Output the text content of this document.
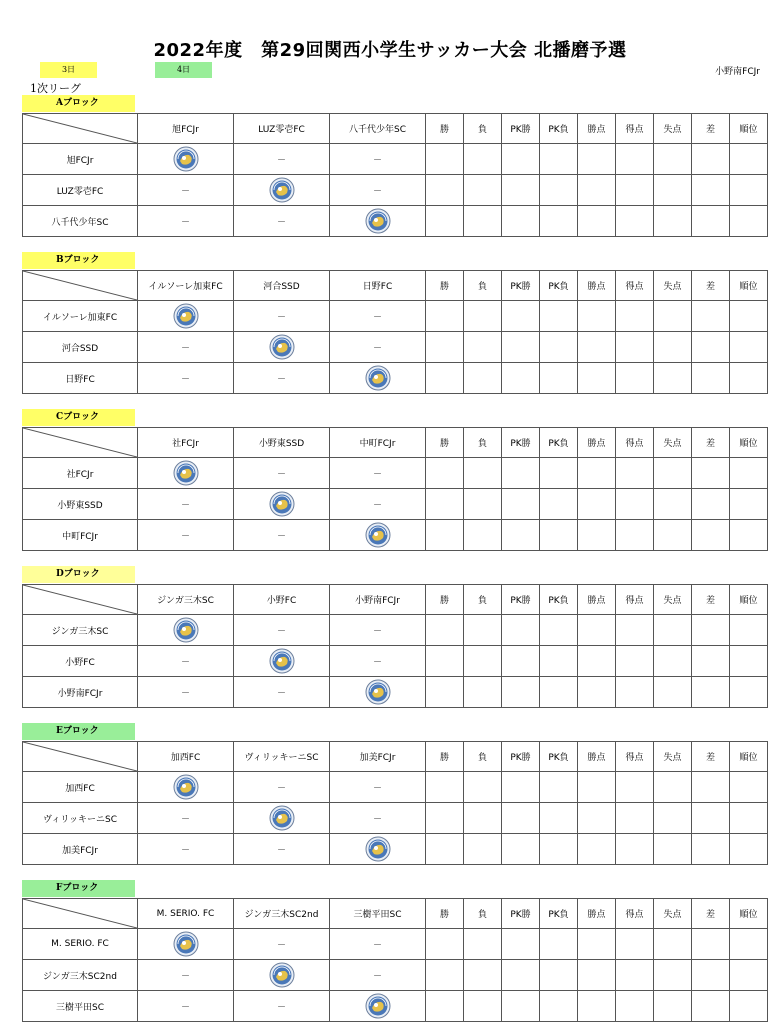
2022年度　第29回関西小学生サッカー大会 北播磨予選
3日	4日	小野南FCJr
1次リーグ
Aブロック
	旭FCJr	LUZ零壱FC	八千代少年SC	勝	負	PK勝	PK負	勝点	得点	失点	差	順位
旭FCJr		－	－									
LUZ零壱FC	－		－									
八千代少年SC	－	－										
Bブロック
	イルソーレ加東FC	河合SSD	日野FC	勝	負	PK勝	PK負	勝点	得点	失点	差	順位
イルソーレ加東FC		－	－									
河合SSD	－		－									
日野FC	－	－										
Cブロック
	社FCJr	小野東SSD	中町FCJr	勝	負	PK勝	PK負	勝点	得点	失点	差	順位
社FCJr		－	－									
小野東SSD	－		－									
中町FCJr	－	－										
Dブロック
	ジンガ三木SC	小野FC	小野南FCJr	勝	負	PK勝	PK負	勝点	得点	失点	差	順位
ジンガ三木SC		－	－									
小野FC	－		－									
小野南FCJr	－	－										
Eブロック
	加西FC	ヴィリッキーニSC	加美FCJr	勝	負	PK勝	PK負	勝点	得点	失点	差	順位
加西FC		－	－									
ヴィリッキーニSC	－		－									
加美FCJr	－	－										
Fブロック
	M. SERIO. FC	ジンガ三木SC2nd	三樹平田SC	勝	負	PK勝	PK負	勝点	得点	失点	差	順位
M. SERIO. FC		－	－									
ジンガ三木SC2nd	－		－									
三樹平田SC	－	－										
